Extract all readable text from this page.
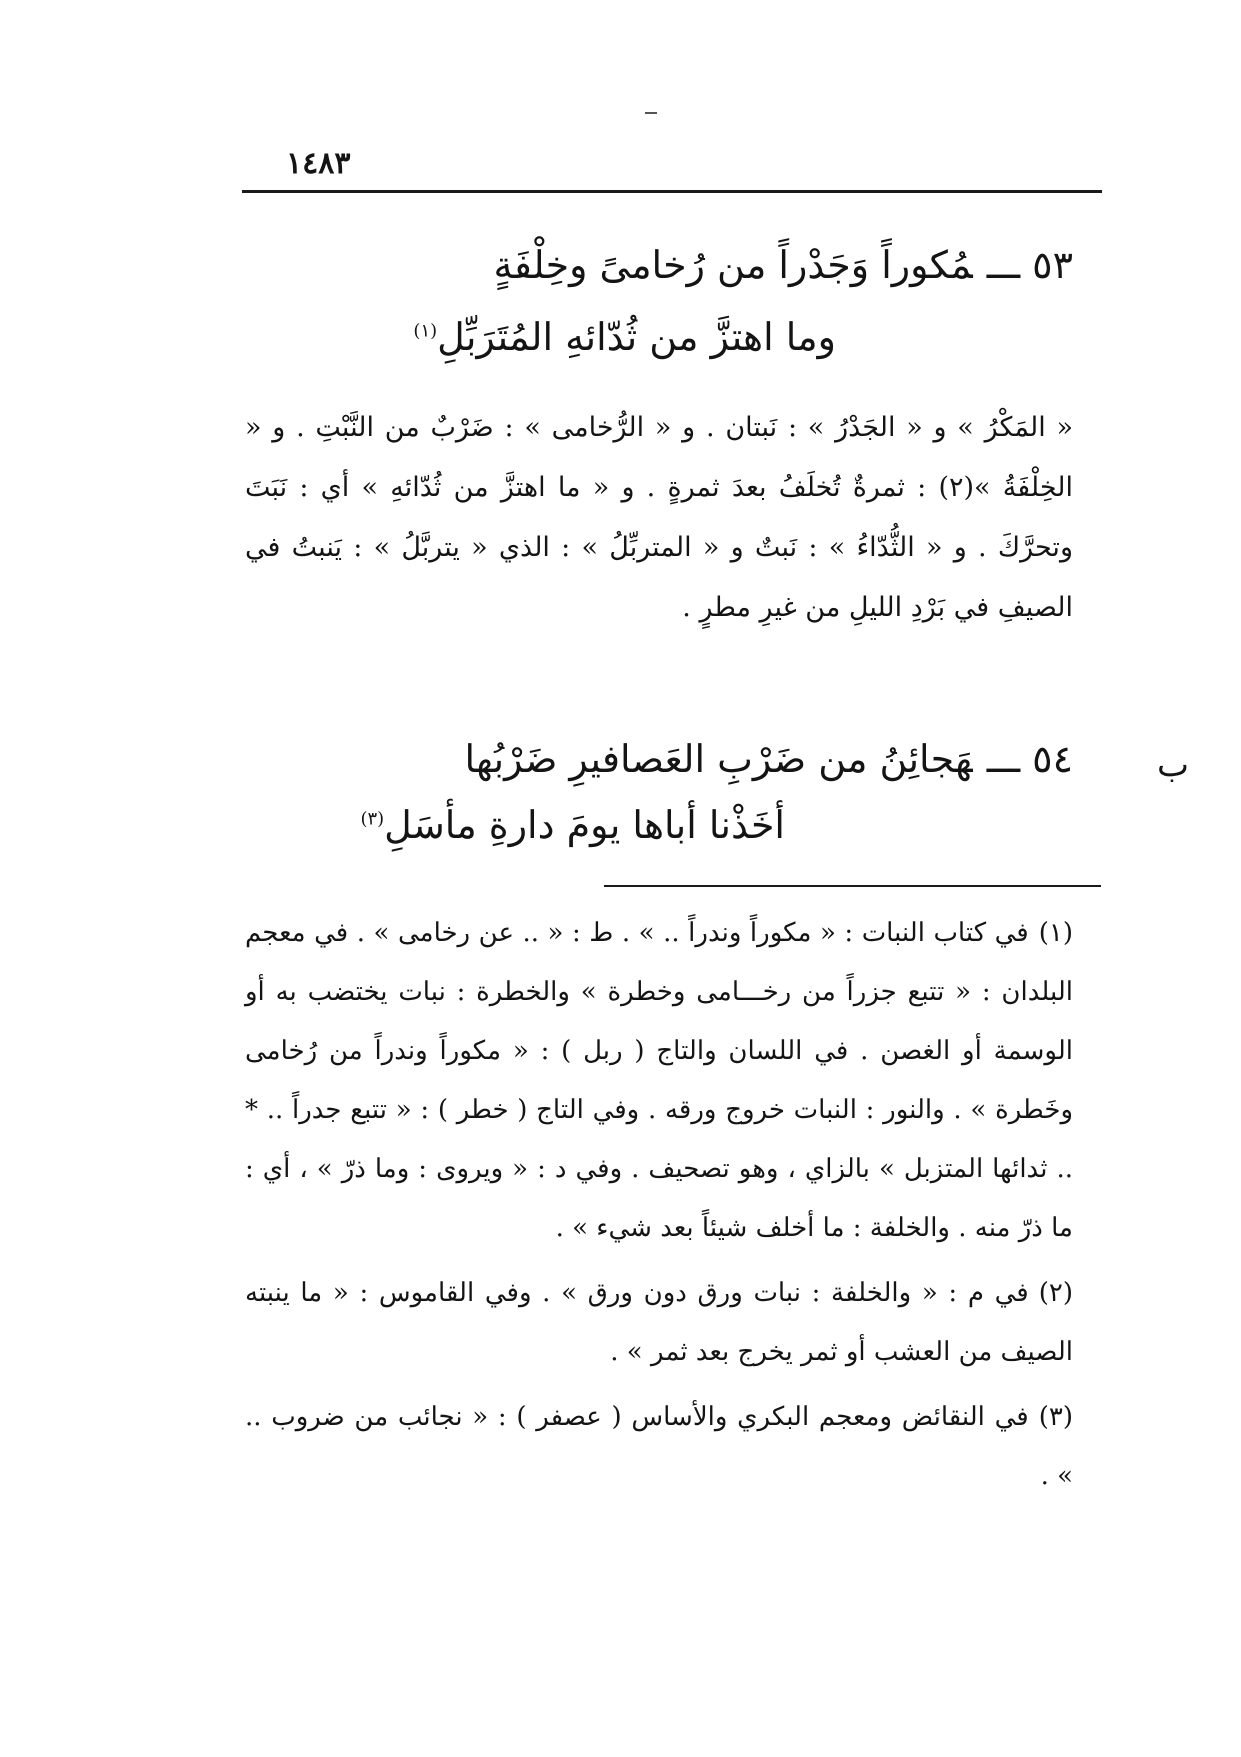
١٤٨٣
٥٣ ـــمُكوراً وَجَدْراً من رُخامىً وخِلْفَةٍ
وما اهتزَّ من ثُدّائهِ المُتَرَبِّلِ$^{(١)}$
« المَكْرُ » و « الجَدْرُ » : نَبتان . و « الرُّخامى » : ضَرْبٌ من النَّبْتِ . و « الخِلْفَةُ »(٢) : ثمرةٌ تُخلَفُ بعدَ ثمرةٍ . و « ما اهتزَّ من ثُدّائهِ » أي : نَبَتَ وتحرَّكَ . و « الثُّدّاءُ » : نَبتٌ و « المتربِّلُ » : الذي « يتربَّلُ » : يَنبتُ في الصيفِ في بَرْدِ الليلِ من غيرِ مطرٍ .
ب
٥٤ ـــهَجائِنُ من ضَرْبِ العَصافيرِ ضَرْبُها
أخَذْنا أباها يومَ دارةِ مأسَلِ$^{(٣)}$

(١)في كتاب النبات : « مكوراً وندراً .. » . ط : « .. عن رخامى » . في معجم البلدان : « تتبع جزراً من رخـــامى وخطرة » والخطرة : نبات يختضب به أو الوسمة أو الغصن . في اللسان والتاج ( ربل ) : « مكوراً وندراً من رُخامى وخَطرة » . والنور : النبات خروج ورقه . وفي التاج ( خطر ) : « تتبع جدراً .. * .. ثدائها المتزبل » بالزاي ، وهو تصحيف . وفي د : « ويروى : وما ذرّ » ، أي : ما ذرّ منه . والخلفة : ما أخلف شيئاً بعد شيء » .

(٢)في م : « والخلفة : نبات ورق دون ورق » . وفي القاموس : « ما ينبته الصيف من العشب أو ثمر يخرج بعد ثمر » .

(٣)في النقائض ومعجم البكري والأساس ( عصفر ) : « نجائب من ضروب .. » .
